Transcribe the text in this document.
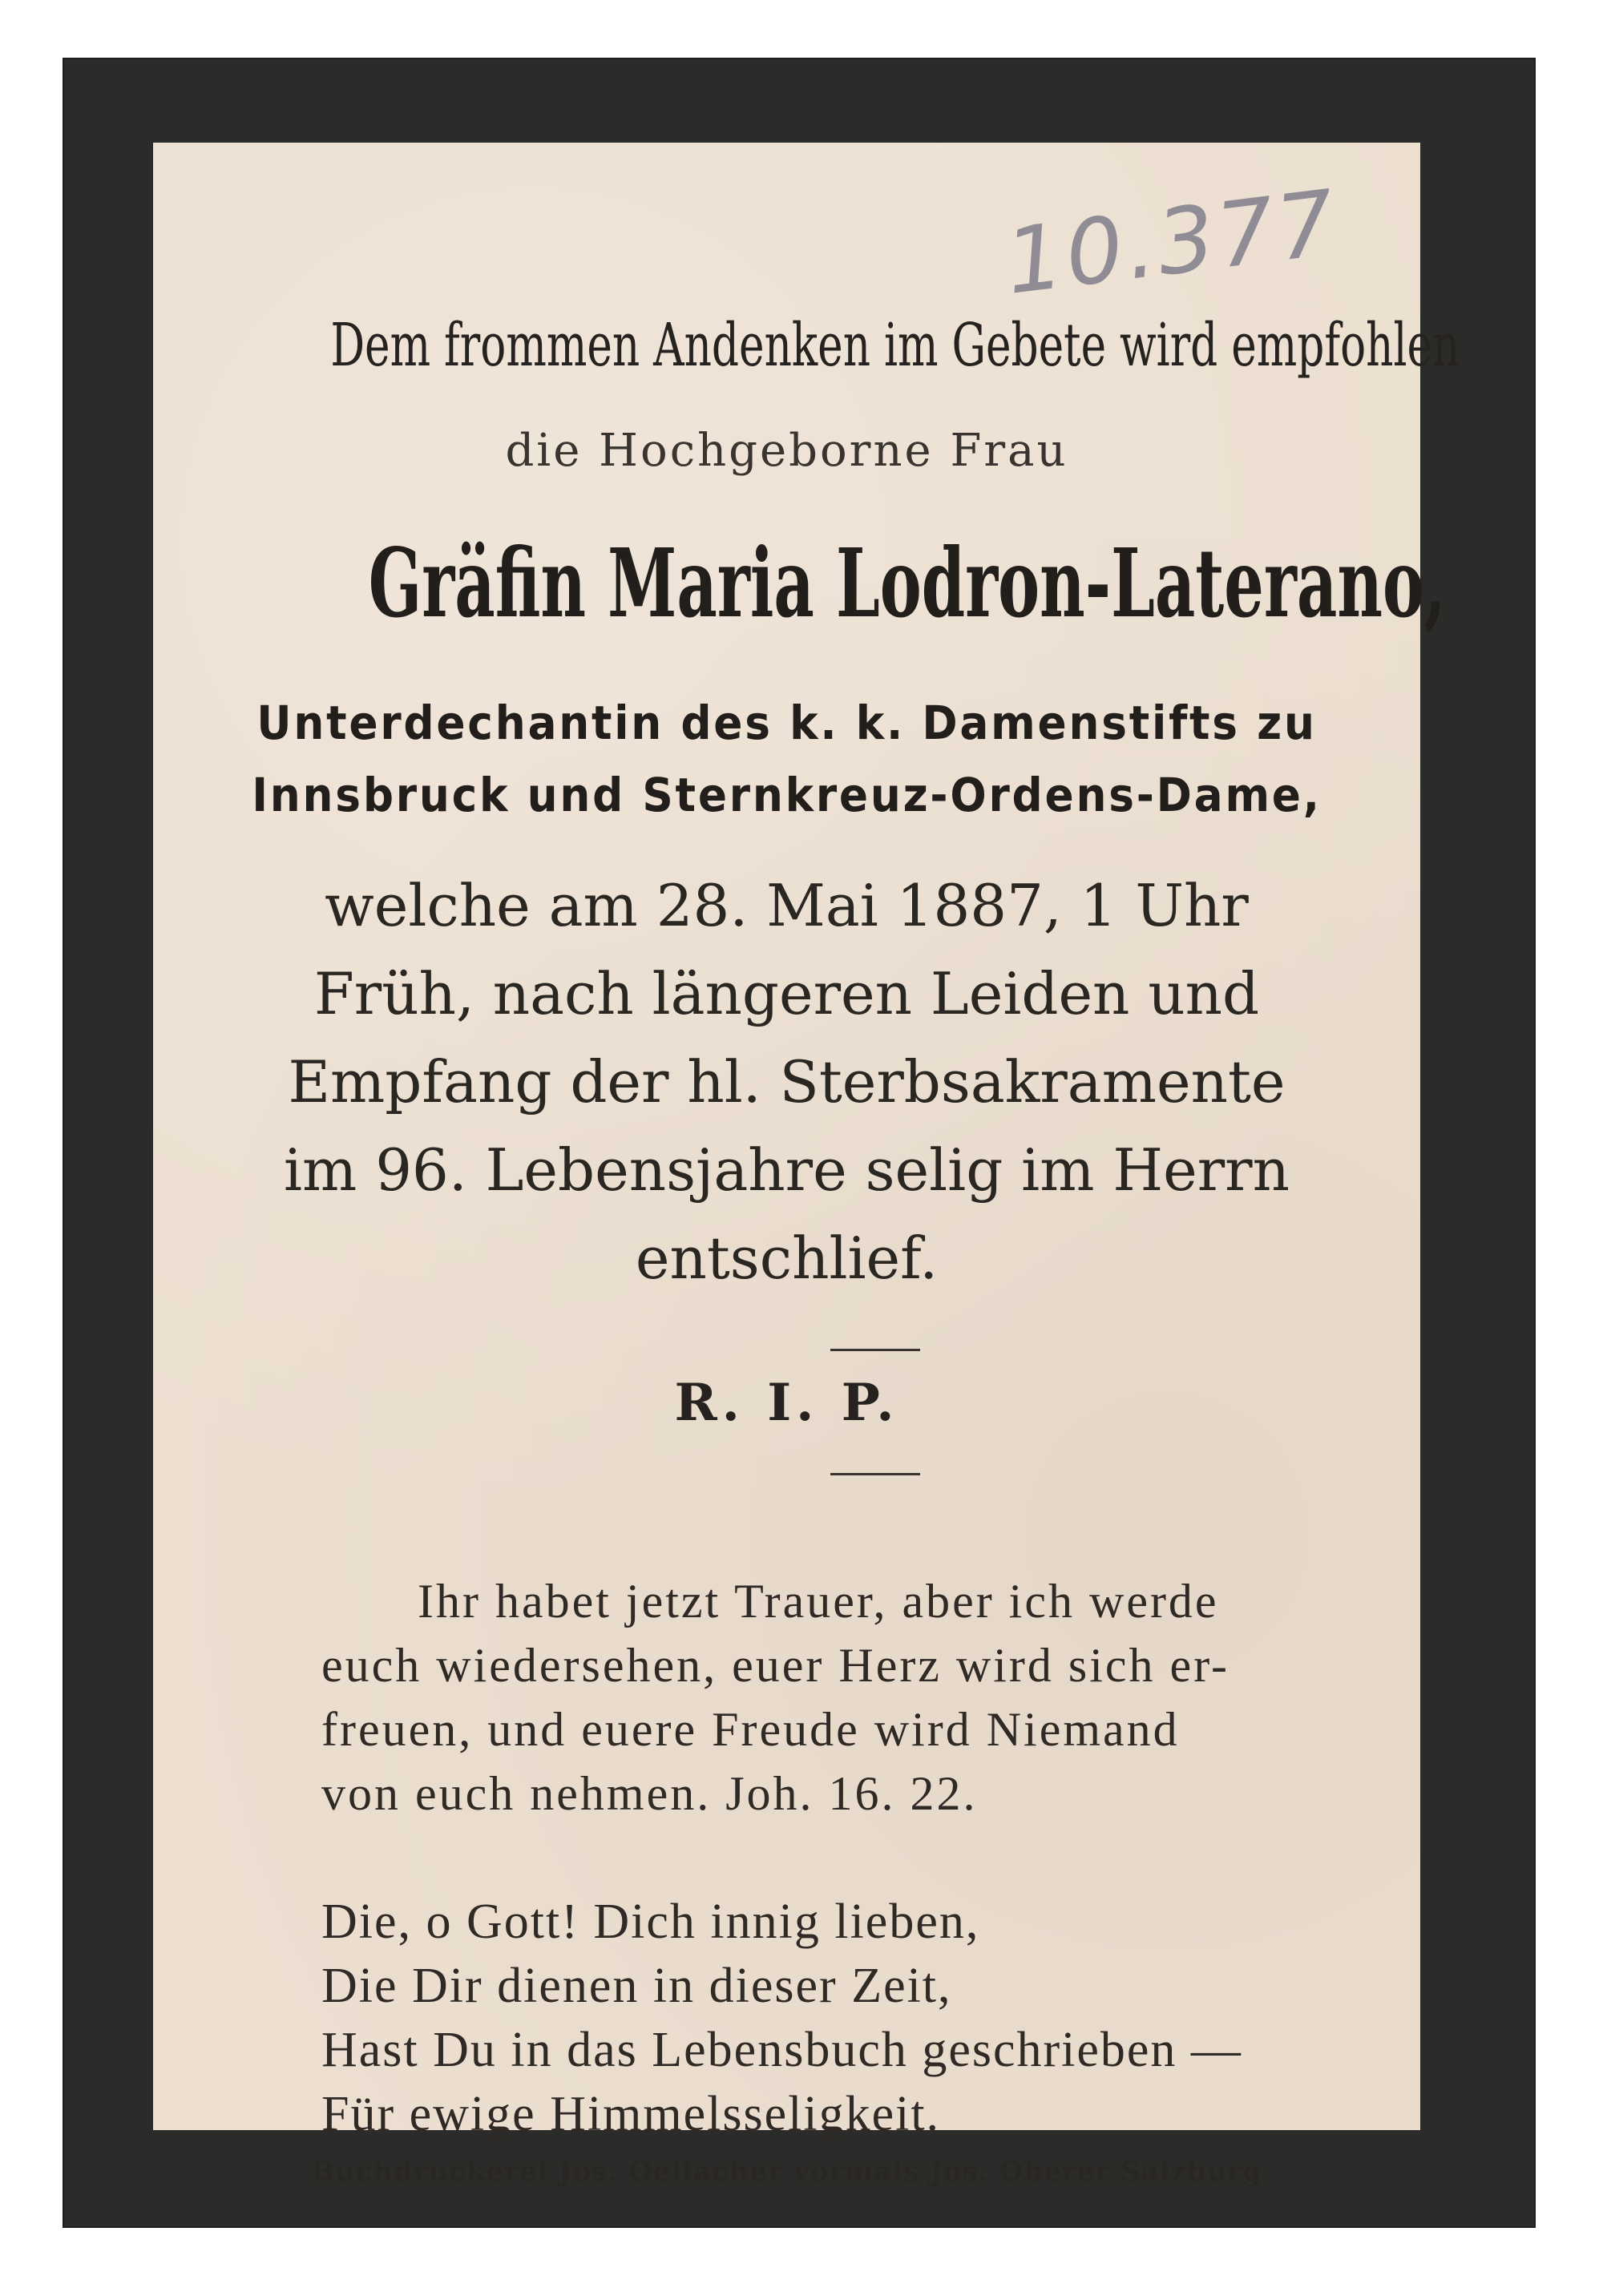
10.377
Dem frommen Andenken im Gebete wird empfohlen
die Hochgeborne Frau
Gräfin Maria Lodron-Laterano,
Unterdechantin des k. k. Damenstifts zu
Innsbruck und Sternkreuz-Ordens-Dame,
welche am 28. Mai 1887, 1 Uhr
Früh, nach längeren Leiden und
Empfang der hl. Sterbsakramente
im 96. Lebensjahre selig im Herrn
entschlief.
R. I. P.
Ihr habet jetzt Trauer, aber ich werde
euch wiedersehen, euer Herz wird sich er-
freuen, und euere Freude wird Niemand
von euch nehmen. Joh. 16. 22.
Die, o Gott! Dich innig lieben,
Die Dir dienen in dieser Zeit,
Hast Du in das Lebensbuch geschrieben —
Für ewige Himmelsseligkeit.
Buchdruckerei Jos. Oellacher vormals Jos. Oberer Salzburg
